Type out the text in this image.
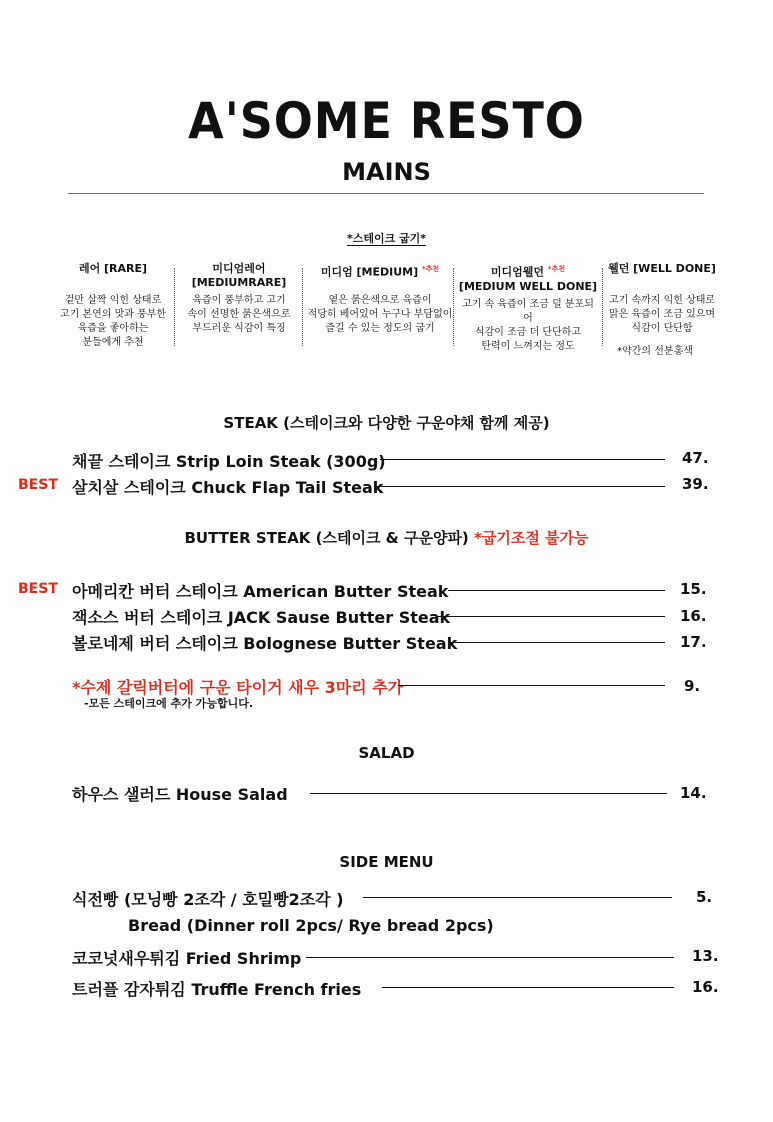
A'SOME RESTO
MAINS
*스테이크 굽기*
레어 [RARE]
겉만 살짝 익힌 상태로
고기 본연의 맛과 풍부한
육즙을 좋아하는
분들에게 추천
미디엄레어
[MEDIUMRARE]
육즙이 풍부하고 고기
속이 선명한 붉은색으로
부드러운 식감이 특징
미디엄 [MEDIUM] $^{*추천}$
옅은 붉은색으로 육즙이
적당히 베어있어 누구나 부담없이
즐길 수 있는 정도의 굽기
미디엄웰던 $^{*추천}$
[MEDIUM WELL DONE]
고기 속 육즙이 조금 덜 분포되어
식감이 조금 더 단단하고
탄력이 느껴지는 정도
웰던 [WELL DONE]
고기 속까지 익힌 상태로
맑은 육즙이 조금 있으며
식감이 단단함
*약간의 선분홍색
STEAK (스테이크와 다양한 구운야채 함께 제공)
채끝 스테이크 Strip Loin Steak (300g)	47.
BEST 살치살 스테이크 Chuck Flap Tail Steak	39.
BUTTER STEAK (스테이크 & 구운양파) *굽기조절 불가능
BEST 아메리칸 버터 스테이크 American Butter Steak	15.
잭소스 버터 스테이크 JACK Sause Butter Steak	16.
볼로네제 버터 스테이크 Bolognese Butter Steak	17.
*수제 갈릭버터에 구운 타이거 새우 3마리 추가	9.
-모든 스테이크에 추가 가능합니다.
SALAD
하우스 샐러드 House Salad	14.
SIDE MENU
식전빵 (모닝빵 2조각 / 호밀빵2조각 )	5.
Bread (Dinner roll 2pcs/ Rye bread 2pcs)
코코넛새우튀김 Fried Shrimp	13.
트러플 감자튀김 Truffle French fries	16.
